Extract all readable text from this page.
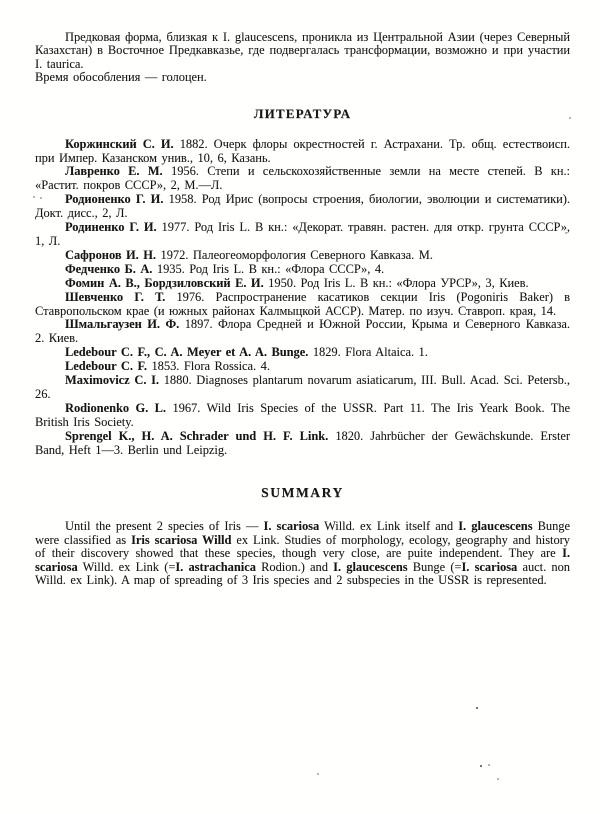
Предковая форма, близкая к I. glaucescens, проникла из Центральной Азии (через Северный Казахстан) в Восточное Предкавказье, где подвергалась трансформации, возможно и при участии I. taurica.

Время обособления — голоцен.

ЛИТЕРАТУРА

Коржинский С. И. 1882. Очерк флоры окрестностей г. Астрахани. Тр. общ. естествоисп. при Импер. Казанском унив., 10, 6, Казань.

Лавренко Е. М. 1956. Степи и сельскохозяйственные земли на месте степей. В кн.: «Растит. покров СССР», 2, М.—Л.

Родионенко Г. И. 1958. Род Ирис (вопросы строения, биологии, эволюции и систематики). Докт. дисс., 2, Л.

Родиненко Г. И. 1977. Род Iris L. В кн.: «Декорат. травян. растен. для откр. грунта СССР», 1, Л.

Сафронов И. Н. 1972. Палеогеоморфология Северного Кавказа. М.

Федченко Б. А. 1935. Род Iris L. В кн.: «Флора СССР», 4.

Фомин А. В., Бордзиловский Е. И. 1950. Род Iris L. В кн.: «Флора УРСР», 3, Киев.

Шевченко Г. Т. 1976. Распространение касатиков секции Iris (Pogoniris Baker) в Ставропольском крае (и южных районах Калмыцкой АССР). Матер. по изуч. Ставроп. края, 14.

Шмальгаузен И. Ф. 1897. Флора Средней и Южной России, Крыма и Северного Кавказа. 2. Киев.

Ledebour C. F., C. A. Meyer et A. A. Bunge. 1829. Flora Altaica. 1.

Ledebour C. F. 1853. Flora Rossica. 4.

Maximovicz C. I. 1880. Diagnoses plantarum novarum asiaticarum, III. Bull. Acad. Sci. Petersb., 26.

Rodionenko G. L. 1967. Wild Iris Species of the USSR. Part 11. The Iris Yeark Book. The British Iris Society.

Sprengel K., H. A. Schrader und H. F. Link. 1820. Jahrbücher der Gewächskunde. Erster Band, Heft 1—3. Berlin und Leipzig.

SUMMARY

Until the present 2 species of Iris — I. scariosa Willd. ex Link itself and I. glaucescens Bunge were classified as Iris scariosa Willd ex Link. Studies of morphology, ecology, geography and history of their discovery showed that these species, though very close, are puite independent. They are I. scariosa Willd. ex Link (=I. astrachanica Rodion.) and I. glaucescens Bunge (=I. scariosa auct. non Willd. ex Link). A map of spreading of 3 Iris species and 2 subspecies in the USSR is represented.
